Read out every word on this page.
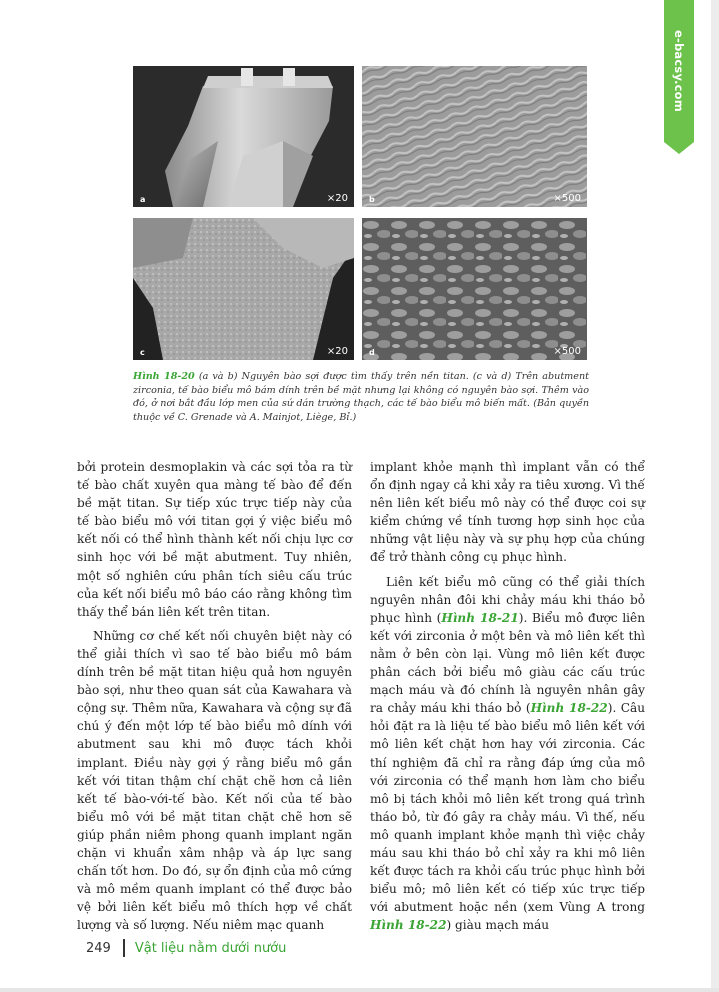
e-bacsy.com
a	×20	b	×500
c	×20	d	×500
Hình 18-20 (a và b) Nguyên bào sợi được tìm thấy trên nền titan. (c và d) Trên abutment zirconia, tế bào biểu mô bám dính trên bề mặt nhưng lại không có nguyên bào sợi. Thêm vào đó, ở nơi bắt đầu lớp men của sứ dán trường thạch, các tế bào biểu mô biến mất. (Bản quyền thuộc về C. Grenade và A. Mainjot, Liège, Bỉ.)

bởi protein desmoplakin và các sợi tỏa ra từ tế bào chất xuyên qua màng tế bào để đến bề mặt titan. Sự tiếp xúc trực tiếp này của tế bào biểu mô với titan gợi ý việc biểu mô kết nối có thể hình thành kết nối chịu lực cơ sinh học với bề mặt abutment. Tuy nhiên, một số nghiên cứu phân tích siêu cấu trúc của kết nối biểu mô báo cáo rằng không tìm thấy thể bán liên kết trên titan.

Những cơ chế kết nối chuyên biệt này có thể giải thích vì sao tế bào biểu mô bám dính trên bề mặt titan hiệu quả hơn nguyên bào sợi, như theo quan sát của Kawahara và cộng sự. Thêm nữa, Kawahara và cộng sự đã chú ý đến một lớp tế bào biểu mô dính với abutment sau khi mô được tách khỏi implant. Điều này gợi ý rằng biểu mô gắn kết với titan thậm chí chặt chẽ hơn cả liên kết tế bào-với-tế bào. Kết nối của tế bào biểu mô với bề mặt titan chặt chẽ hơn sẽ giúp phần niêm phong quanh implant ngăn chặn vi khuẩn xâm nhập và áp lực sang chấn tốt hơn. Do đó, sự ổn định của mô cứng và mô mềm quanh implant có thể được bảo vệ bởi liên kết biểu mô thích hợp về chất lượng và số lượng. Nếu niêm mạc quanh

implant khỏe mạnh thì implant vẫn có thể ổn định ngay cả khi xảy ra tiêu xương. Vì thế nên liên kết biểu mô này có thể được coi sự kiểm chứng về tính tương hợp sinh học của những vật liệu này và sự phụ hợp của chúng để trở thành công cụ phục hình.

Liên kết biểu mô cũng có thể giải thích nguyên nhân đôi khi chảy máu khi tháo bỏ phục hình (Hình 18-21). Biểu mô được liên kết với zirconia ở một bên và mô liên kết thì nằm ở bên còn lại. Vùng mô liên kết được phân cách bởi biểu mô giàu các cấu trúc mạch máu và đó chính là nguyên nhân gây ra chảy máu khi tháo bỏ (Hình 18-22). Câu hỏi đặt ra là liệu tế bào biểu mô liên kết với mô liên kết chặt hơn hay với zirconia. Các thí nghiệm đã chỉ ra rằng đáp ứng của mô với zirconia có thể mạnh hơn làm cho biểu mô bị tách khỏi mô liên kết trong quá trình tháo bỏ, từ đó gây ra chảy máu. Vì thế, nếu mô quanh implant khỏe mạnh thì việc chảy máu sau khi tháo bỏ chỉ xảy ra khi mô liên kết được tách ra khỏi cấu trúc phục hình bởi biểu mô; mô liên kết có tiếp xúc trực tiếp với abutment hoặc nền (xem Vùng A trong Hình 18-22) giàu mạch máu

249 Vật liệu nằm dưới nướu
